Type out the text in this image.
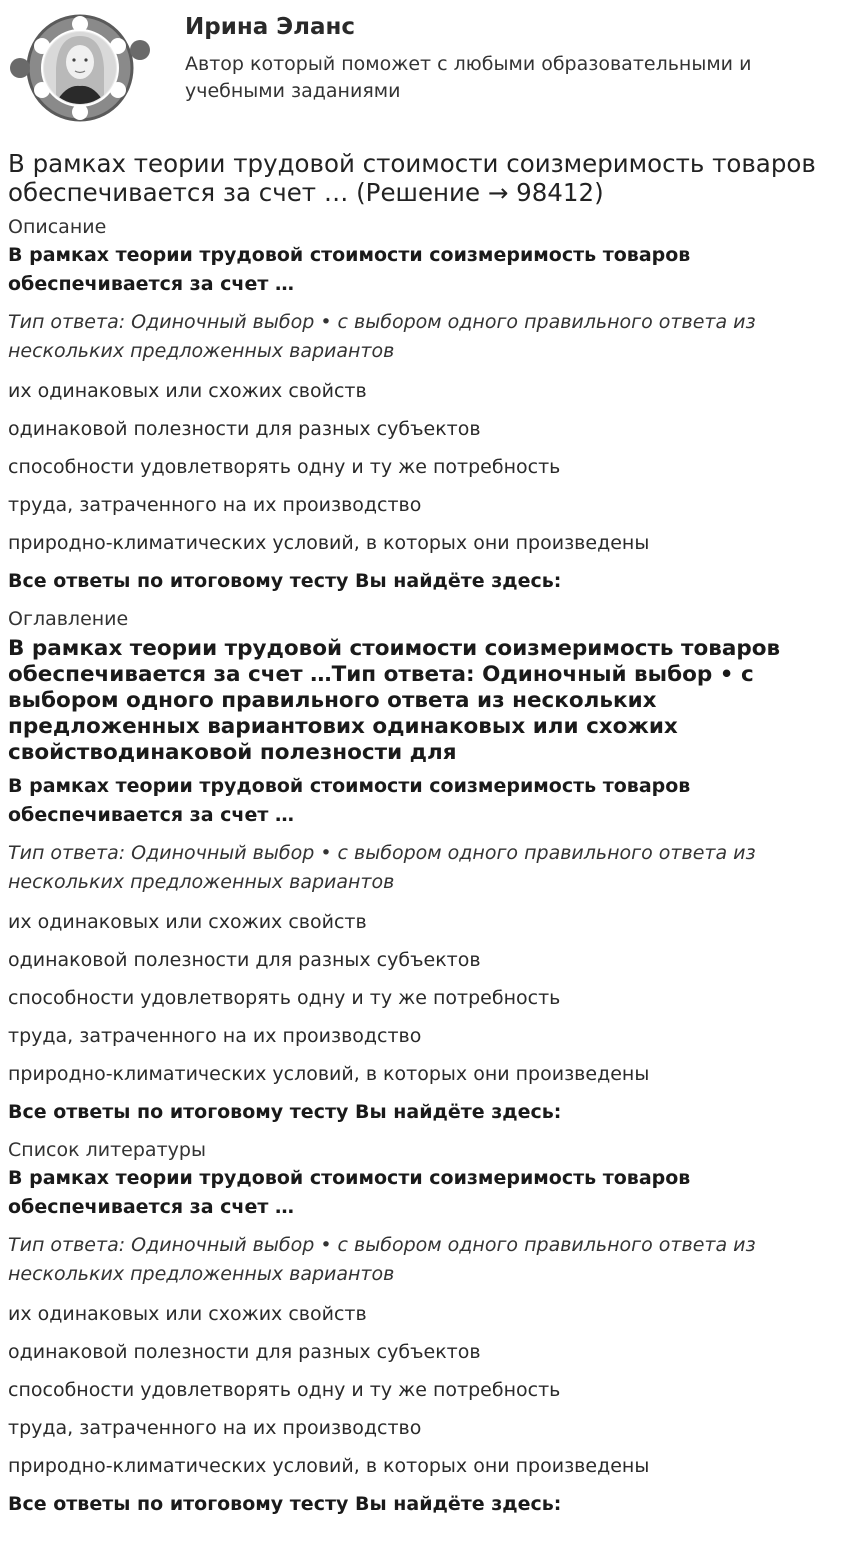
Ирина Эланс
Автор который поможет с любыми образовательными и учебными заданиями
В рамках теории трудовой стоимости соизмеримость товаров обеспечивается за счет … (Решение → 98412)
Описание
В рамках теории трудовой стоимости соизмеримость товаров обеспечивается за счет …
Тип ответа: Одиночный выбор • с выбором одного правильного ответа из нескольких предложенных вариантов
их одинаковых или схожих свойств
одинаковой полезности для разных субъектов
способности удовлетворять одну и ту же потребность
труда, затраченного на их производство
природно-климатических условий, в которых они произведены
Все ответы по итоговому тесту Вы найдёте здесь:
Оглавление
В рамках теории трудовой стоимости соизмеримость товаров обеспечивается за счет …Тип ответа: Одиночный выбор • с выбором одного правильного ответа из нескольких предложенных вариантових одинаковых или схожих свойстводинаковой полезности для
В рамках теории трудовой стоимости соизмеримость товаров обеспечивается за счет …
Тип ответа: Одиночный выбор • с выбором одного правильного ответа из нескольких предложенных вариантов
их одинаковых или схожих свойств
одинаковой полезности для разных субъектов
способности удовлетворять одну и ту же потребность
труда, затраченного на их производство
природно-климатических условий, в которых они произведены
Все ответы по итоговому тесту Вы найдёте здесь:
Список литературы
В рамках теории трудовой стоимости соизмеримость товаров обеспечивается за счет …
Тип ответа: Одиночный выбор • с выбором одного правильного ответа из нескольких предложенных вариантов
их одинаковых или схожих свойств
одинаковой полезности для разных субъектов
способности удовлетворять одну и ту же потребность
труда, затраченного на их производство
природно-климатических условий, в которых они произведены
Все ответы по итоговому тесту Вы найдёте здесь:
